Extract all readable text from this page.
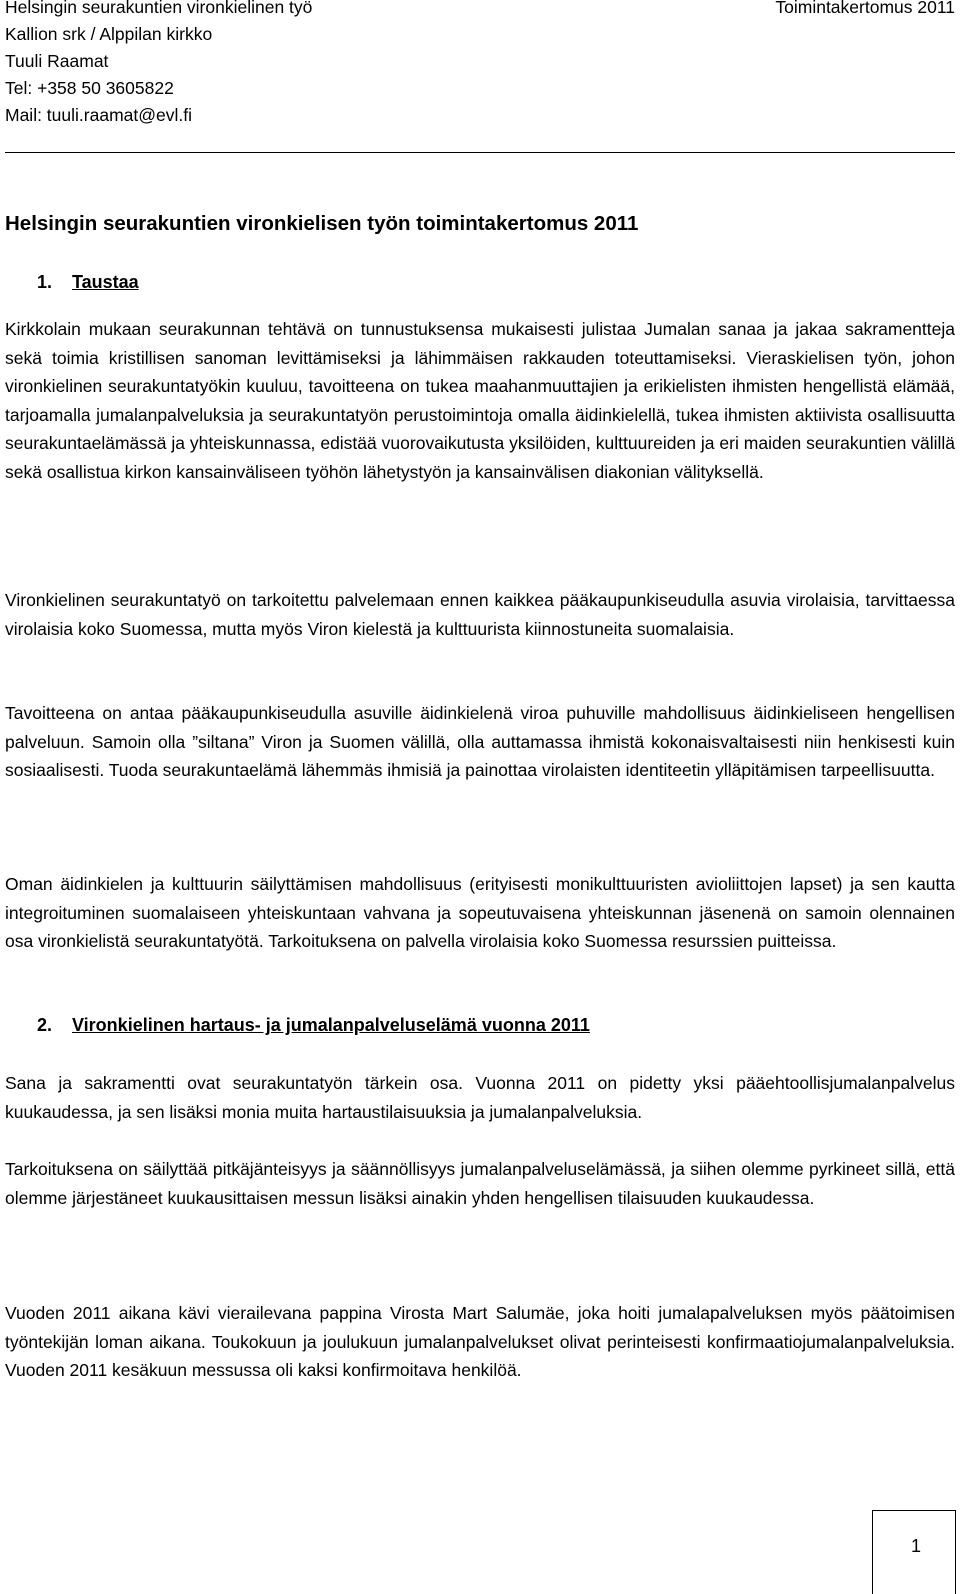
Helsingin seurakuntien vironkielinen työ	Toimintakertomus 2011
Kallion srk / Alppilan kirkko
Tuuli Raamat
Tel: +358 50 3605822
Mail: tuuli.raamat@evl.fi
Helsingin seurakuntien vironkielisen työn toimintakertomus 2011
1. Taustaa

Kirkkolain mukaan seurakunnan tehtävä on tunnustuksensa mukaisesti julistaa Jumalan sanaa ja jakaa sakramentteja sekä toimia kristillisen sanoman levittämiseksi ja lähimmäisen rakkauden toteuttamiseksi. Vieraskielisen työn, johon vironkielinen seurakuntatyökin kuuluu, tavoitteena on tukea maahanmuuttajien ja erikielisten ihmisten hengellistä elämää, tarjoamalla jumalanpalveluksia ja seurakuntatyön perustoimintoja omalla äidinkielellä, tukea ihmisten aktiivista osallisuutta seurakuntaelämässä ja yhteiskunnassa, edistää vuorovaikutusta yksilöiden, kulttuureiden ja eri maiden seurakuntien välillä sekä osallistua kirkon kansainväliseen työhön lähetystyön ja kansainvälisen diakonian välityksellä.

Vironkielinen seurakuntatyö on tarkoitettu palvelemaan ennen kaikkea pääkaupunkiseudulla asuvia virolaisia, tarvittaessa virolaisia koko Suomessa, mutta myös Viron kielestä ja kulttuurista kiinnostuneita suomalaisia.

Tavoitteena on antaa pääkaupunkiseudulla asuville äidinkielenä viroa puhuville mahdollisuus äidinkieliseen hengellisen palveluun. Samoin olla ”siltana” Viron ja Suomen välillä, olla auttamassa ihmistä kokonaisvaltaisesti niin henkisesti kuin sosiaalisesti. Tuoda seurakuntaelämä lähemmäs ihmisiä ja painottaa virolaisten identiteetin ylläpitämisen tarpeellisuutta.

Oman äidinkielen ja kulttuurin säilyttämisen mahdollisuus (erityisesti monikulttuuristen avioliittojen lapset) ja sen kautta integroituminen suomalaiseen yhteiskuntaan vahvana ja sopeutuvaisena yhteiskunnan jäsenenä on samoin olennainen osa vironkielistä seurakuntatyötä. Tarkoituksena on palvella virolaisia koko Suomessa resurssien puitteissa.

2. Vironkielinen hartaus- ja jumalanpalveluselämä vuonna 2011

Sana ja sakramentti ovat seurakuntatyön tärkein osa. Vuonna 2011 on pidetty yksi pääehtoollisjumalanpalvelus kuukaudessa, ja sen lisäksi monia muita hartaustilaisuuksia ja jumalanpalveluksia.

Tarkoituksena on säilyttää pitkäjänteisyys ja säännöllisyys jumalanpalveluselämässä, ja siihen olemme pyrkineet sillä, että olemme järjestäneet kuukausittaisen messun lisäksi ainakin yhden hengellisen tilaisuuden kuukaudessa.

Vuoden 2011 aikana kävi vierailevana pappina Virosta Mart Salumäe, joka hoiti jumalapalveluksen myös päätoimisen työntekijän loman aikana. Toukokuun ja joulukuun jumalanpalvelukset olivat perinteisesti konfirmaatiojumalanpalveluksia. Vuoden 2011 kesäkuun messussa oli kaksi konfirmoitava henkilöä.

1
